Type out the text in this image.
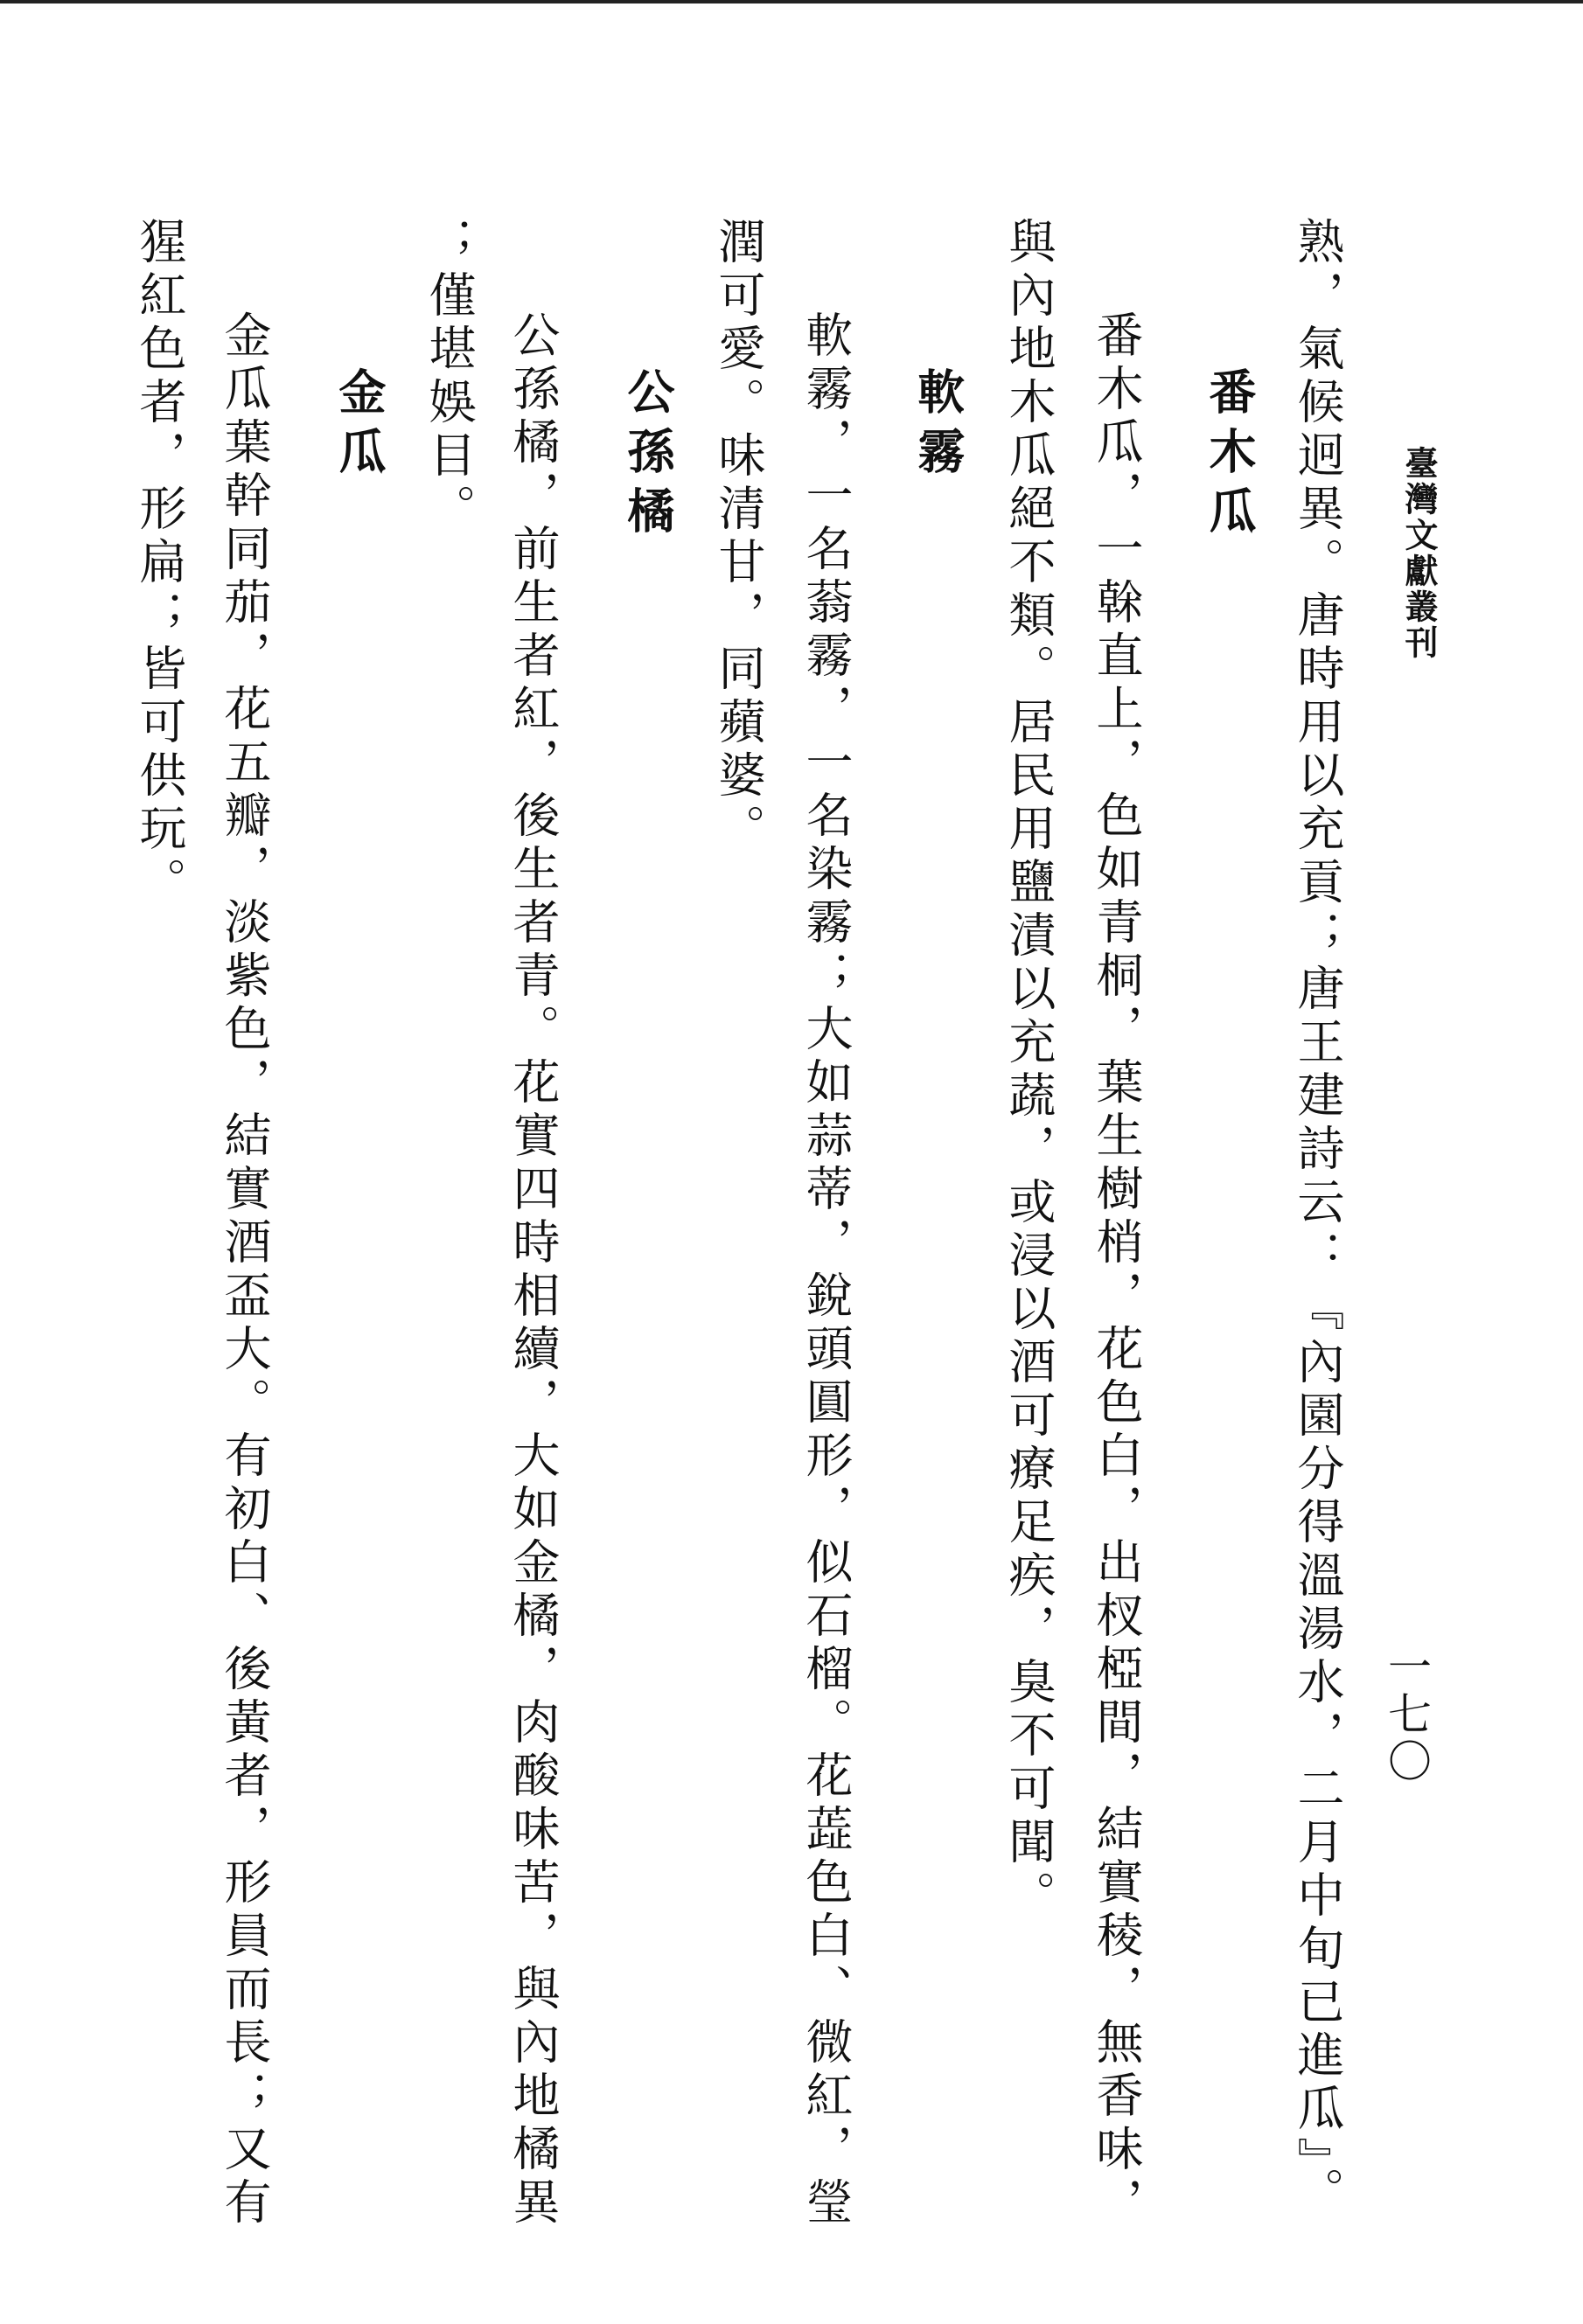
臺灣文獻叢刊
一七〇
熟，氣候迥異。唐時用以充貢；唐王建詩云：『內園分得溫湯水，二月中旬已進瓜』。
番木瓜
番木瓜，一榦直上，色如青桐，葉生樹梢，花色白，出杈椏間，結實稜，無香味，
與內地木瓜絕不類。居民用鹽漬以充蔬，或浸以酒可療足疾，臭不可聞。
軟霧
軟霧，一名蓊霧，一名染霧；大如蒜蒂，銳頭圓形，似石榴。花蕋色白、微紅，瑩
潤可愛。味清甘，同蘋婆。
公孫橘
公孫橘，前生者紅，後生者青。花實四時相續，大如金橘，肉酸味苦，與內地橘異
；僅堪娛目。
金瓜
金瓜葉幹同茄，花五瓣，淡紫色，結實酒盃大。有初白、後黃者，形員而長；又有
猩紅色者，形扁；皆可供玩。
